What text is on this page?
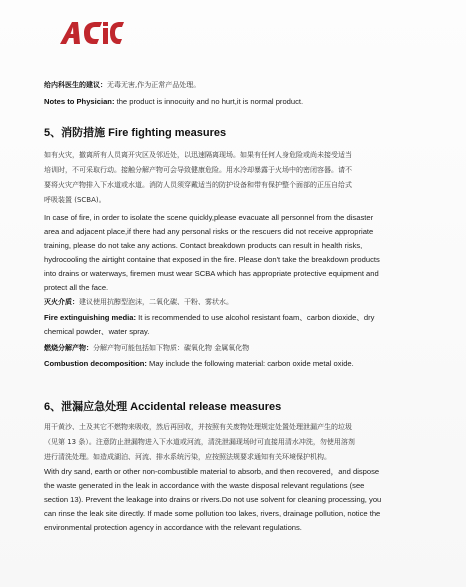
给内科医生的建议：无毒无害,作为正常产品处理。

Notes to Physician: the product is innocuity and no hurt,it is normal product.

5、消防措施 Fire fighting measures

如有火灾，撤离所有人员离开灾区及邻近处，以迅速隔离现场。如果有任何人身危险或尚未接受适当

培训时，不可采取行动。接触分解产物可会导致健康危险。用水冷却暴露于火场中的密闭容器。请不

要将火灾产物排入下水道或水道。消防人员须穿戴适当的防护设备和带有保护整个面部的正压自给式

呼吸装置 (SCBA)。

In case of fire, in order to isolate the scene quickly,please evacuate all personnel from the disaster

area and adjacent place,if there had any personal risks or the rescuers did not receive appropriate

training, please do not take any actions. Contact breakdown products can result in health risks,

hydrocooling the airtight containe that exposed in the fire. Please don't take the breakdown products

into drains or waterways, firemen must wear SCBA which has appropriate protective equipment and

protect all the face.

灭火介质：建议使用抗醇型泡沫，二氧化碳、干粉、雾状水。

Fire extinguishing media: It is recommended to use alcohol resistant foam、carbon dioxide、dry

chemical powder、water spray.

燃烧分解产物：分解产物可能包括如下物质：碳氧化物 金属氧化物

Combustion decomposition: May include the following material: carbon oxide metal oxide.

6、泄漏应急处理 Accidental release measures

用干黄沙、土及其它不燃物来吸收，然后再回收，并按照有关废物处理规定处置处理泄漏产生的垃圾

（见第 13 条）。注意防止泄漏物进入下水道或河流，清洗泄漏现场时可直接用清水冲洗，勿使用溶剂

进行清洗处理。如造成湖泊、河流、排水系统污染，应按照法规要求通知有关环境保护机构。

With dry sand, earth or other non-combustible material to absorb, and then recovered，and dispose

the waste generated in the leak in accordance with the waste disposal relevant regulations (see

section 13). Prevent the leakage into drains or rivers.Do not use solvent for cleaning processing, you

can rinse the leak site directly. If made some pollution too lakes, rivers, drainage pollution, notice the

environmental protection agency in accordance with the relevant regulations.
